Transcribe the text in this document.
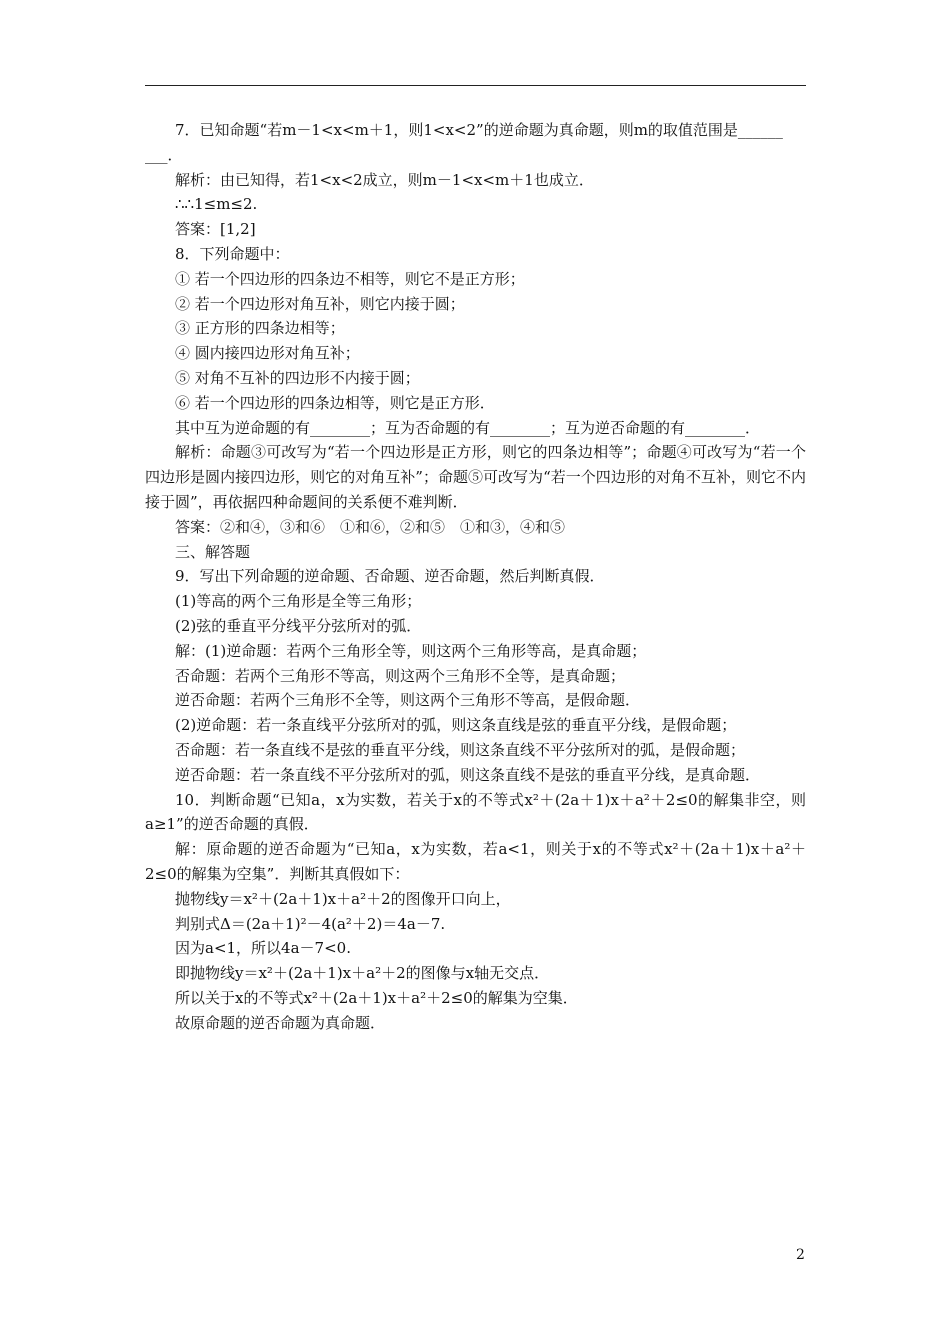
7．已知命题“若m－1<x<m＋1，则1<x<2”的逆命题为真命题，则m的取值范围是______
___．
解析：由已知得，若1<x<2成立，则m－1<x<m＋1也成立．
∴∴1≤m≤2.
答案：[1,2]
8．下列命题中：
① 若一个四边形的四条边不相等，则它不是正方形；
② 若一个四边形对角互补，则它内接于圆；
③ 正方形的四条边相等；
④ 圆内接四边形对角互补；
⑤ 对角不互补的四边形不内接于圆；
⑥ 若一个四边形的四条边相等，则它是正方形．
其中互为逆命题的有________；互为否命题的有________；互为逆否命题的有________．
解析：命题③可改写为“若一个四边形是正方形，则它的四条边相等”；命题④可改写为“若一个四边形是圆内接四边形，则它的对角互补”；命题⑤可改写为“若一个四边形的对角不互补，则它不内接于圆”，再依据四种命题间的关系便不难判断．
答案：②和④，③和⑥　①和⑥，②和⑤　①和③，④和⑤
三、解答题
9．写出下列命题的逆命题、否命题、逆否命题，然后判断真假．
(1)等高的两个三角形是全等三角形；
(2)弦的垂直平分线平分弦所对的弧．
解：(1)逆命题：若两个三角形全等，则这两个三角形等高，是真命题；
否命题：若两个三角形不等高，则这两个三角形不全等，是真命题；
逆否命题：若两个三角形不全等，则这两个三角形不等高，是假命题．
(2)逆命题：若一条直线平分弦所对的弧，则这条直线是弦的垂直平分线，是假命题；
否命题：若一条直线不是弦的垂直平分线，则这条直线不平分弦所对的弧，是假命题；
逆否命题：若一条直线不平分弦所对的弧，则这条直线不是弦的垂直平分线，是真命题．
10．判断命题“已知a，x为实数，若关于x的不等式x²＋(2a＋1)x＋a²＋2≤0的解集非空，则a≥1”的逆否命题的真假．
解：原命题的逆否命题为“已知a，x为实数，若a<1，则关于x的不等式x²＋(2a＋1)x＋a²＋2≤0的解集为空集”．判断其真假如下：
抛物线y＝x²＋(2a＋1)x＋a²＋2的图像开口向上，
判别式Δ＝(2a＋1)²－4(a²＋2)＝4a－7.
因为a<1，所以4a－7<0.
即抛物线y＝x²＋(2a＋1)x＋a²＋2的图像与x轴无交点．
所以关于x的不等式x²＋(2a＋1)x＋a²＋2≤0的解集为空集．
故原命题的逆否命题为真命题．
2
